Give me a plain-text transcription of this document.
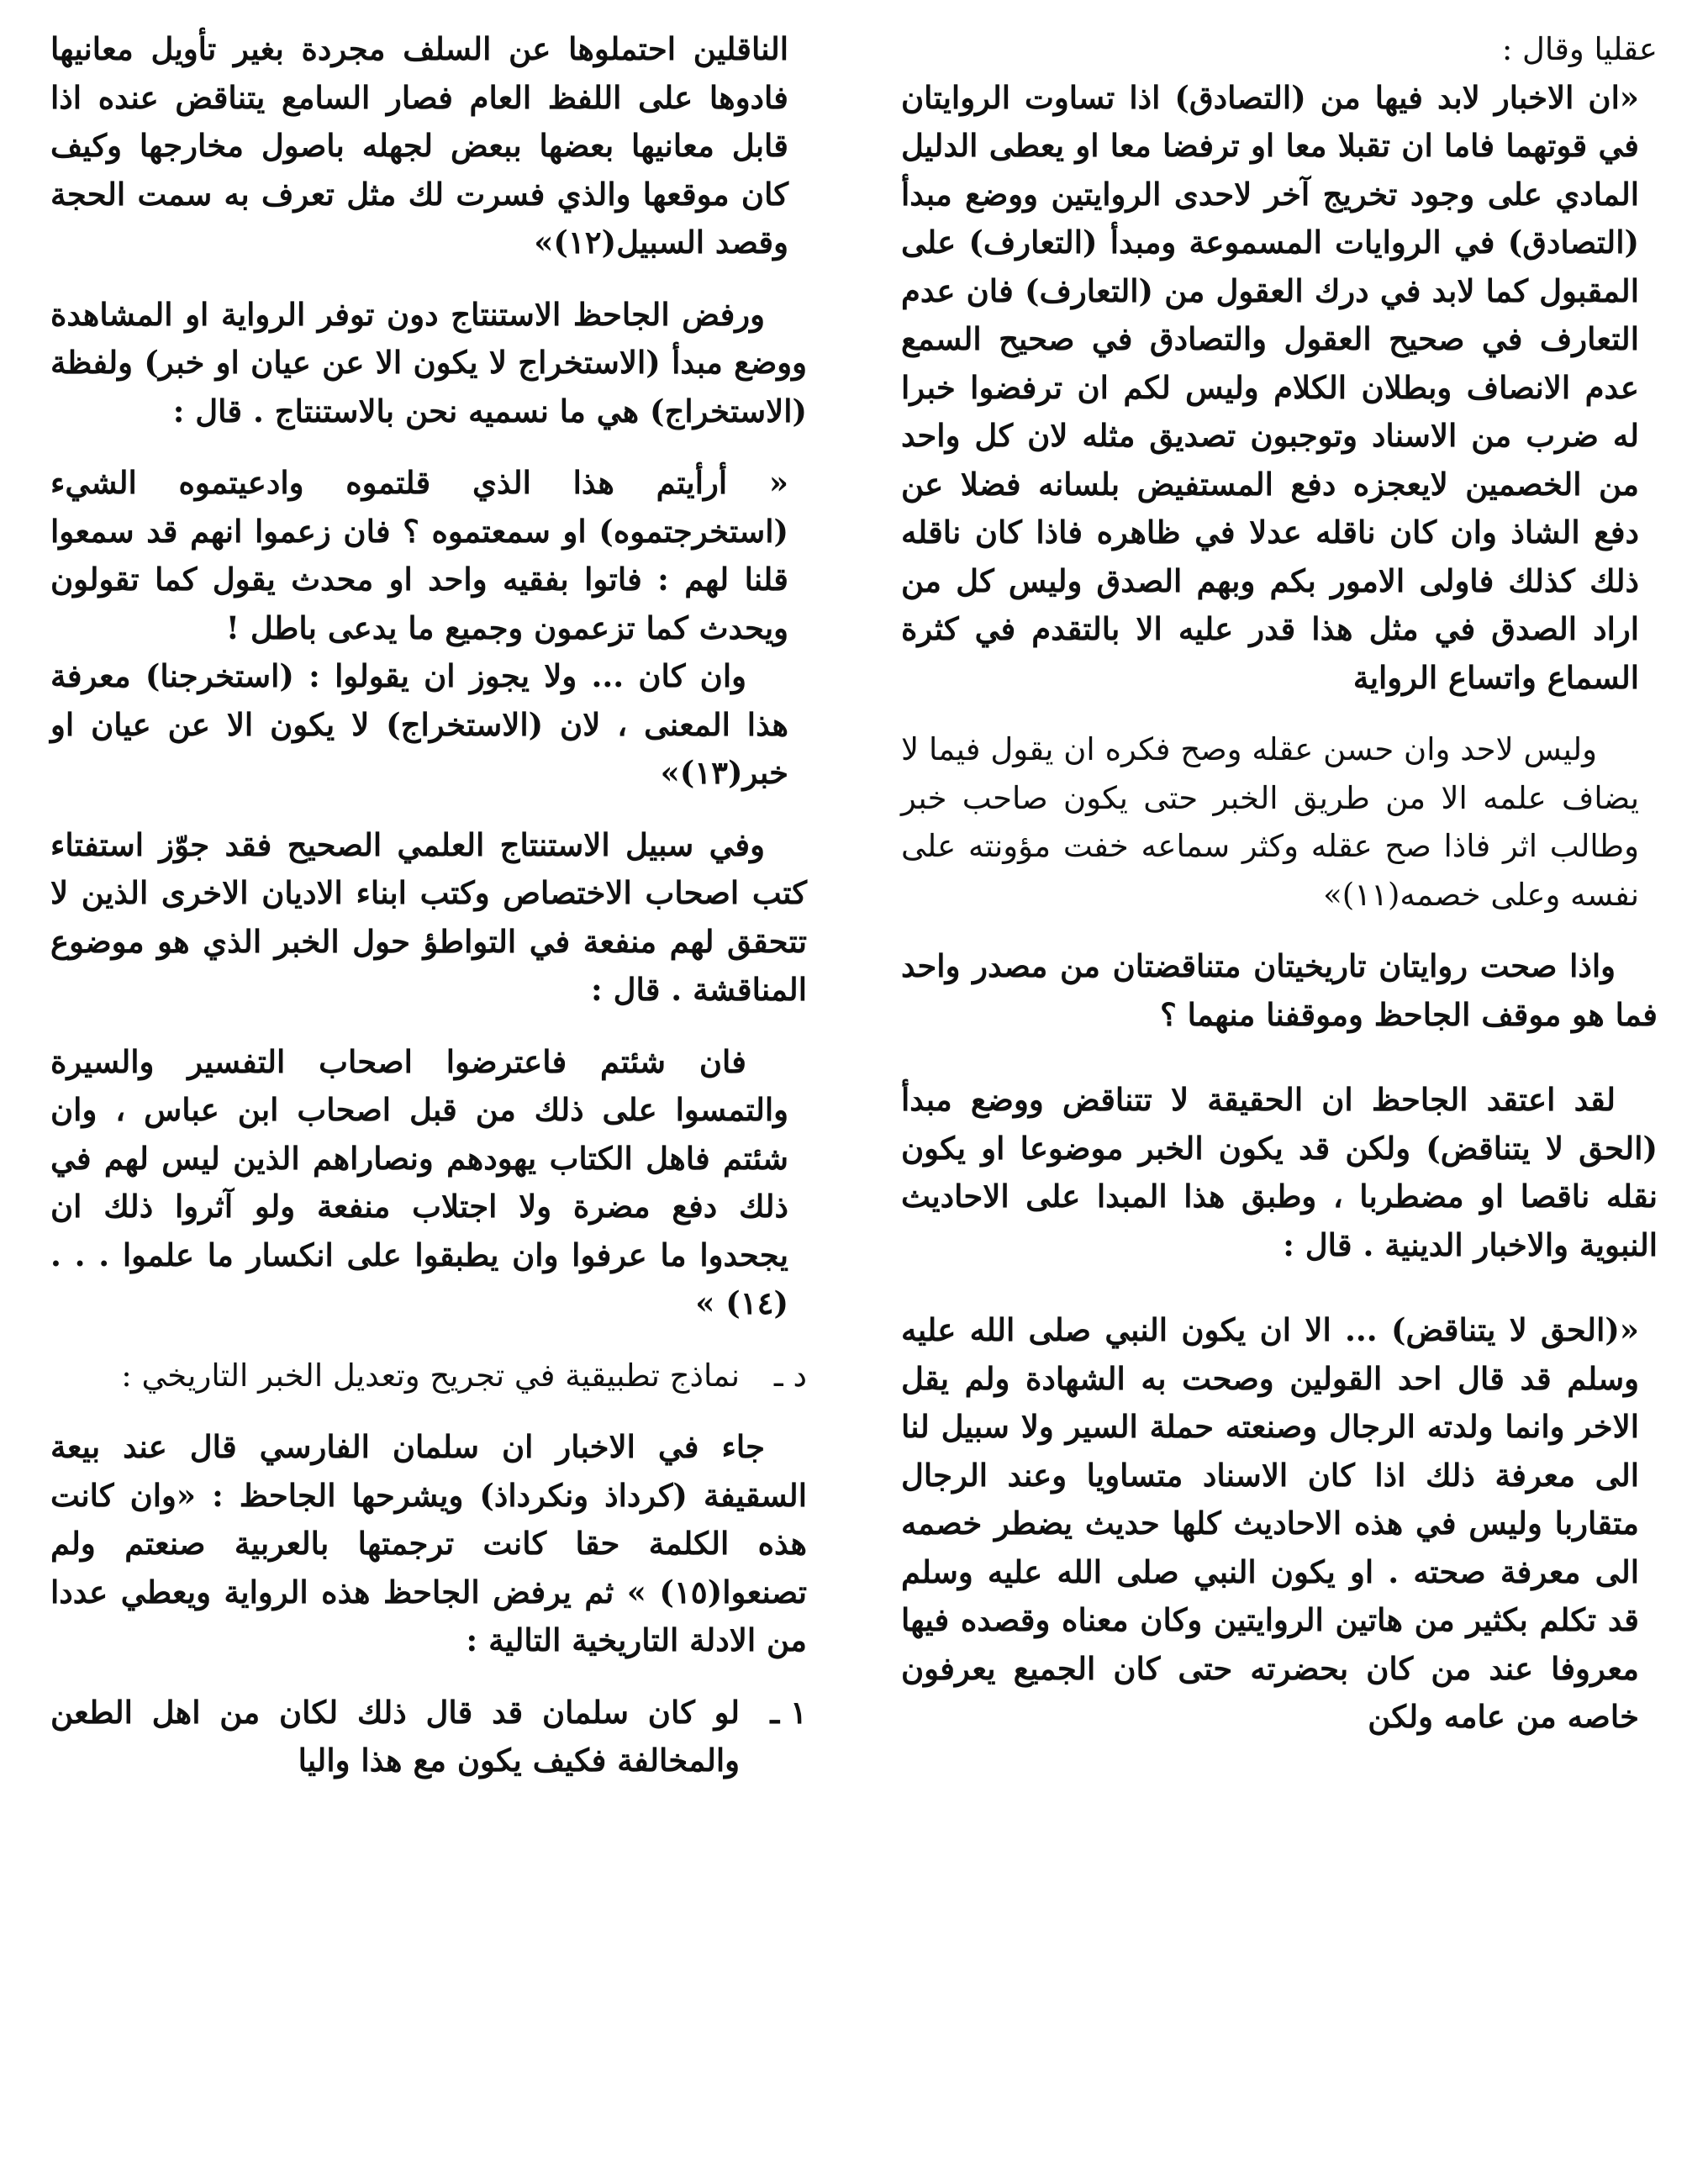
عقليا وقال :

«ان الاخبار لابد فيها من (التصادق) اذا تساوت الروايتان في قوتهما فاما ان تقبلا معا او ترفضا معا او يعطى الدليل المادي على وجود تخريج آخر لاحدى الروايتين ووضع مبدأ (التصادق) في الروايات المسموعة ومبدأ (التعارف) على المقبول كما لابد في درك العقول من (التعارف) فان عدم التعارف في صحيح العقول والتصادق في صحيح السمع عدم الانصاف وبطلان الكلام وليس لكم ان ترفضوا خبرا له ضرب من الاسناد وتوجبون تصديق مثله لان كل واحد من الخصمين لايعجزه دفع المستفيض بلسانه فضلا عن دفع الشاذ وان كان ناقله عدلا في ظاهره فاذا كان ناقله ذلك كذلك فاولى الامور بكم وبهم الصدق وليس كل من اراد الصدق في مثل هذا قدر عليه الا بالتقدم في كثرة السماع واتساع الرواية

وليس لاحد وان حسن عقله وصح فكره ان يقول فيما لا يضاف علمه الا من طريق الخبر حتى يكون صاحب خبر وطالب اثر فاذا صح عقله وكثر سماعه خفت مؤونته على نفسه وعلى خصمه(١١)»

واذا صحت روايتان تاريخيتان متناقضتان من مصدر واحد فما هو موقف الجاحظ وموقفنا منهما ؟

لقد اعتقد الجاحظ ان الحقيقة لا تتناقض ووضع مبدأ (الحق لا يتناقض) ولكن قد يكون الخبر موضوعا او يكون نقله ناقصا او مضطربا ، وطبق هذا المبدا على الاحاديث النبوية والاخبار الدينية . قال :

«(الحق لا يتناقض) ... الا ان يكون النبي صلى الله عليه وسلم قد قال احد القولين وصحت به الشهادة ولم يقل الاخر وانما ولدته الرجال وصنعته حملة السير ولا سبيل لنا الى معرفة ذلك اذا كان الاسناد متساويا وعند الرجال متقاربا وليس في هذه الاحاديث كلها حديث يضطر خصمه الى معرفة صحته . او يكون النبي صلى الله عليه وسلم قد تكلم بكثير من هاتين الروايتين وكان معناه وقصده فيها معروفا عند من كان بحضرته حتى كان الجميع يعرفون خاصه من عامه ولكن

الناقلين احتملوها عن السلف مجردة بغير تأويل معانيها فادوها على اللفظ العام فصار السامع يتناقض عنده اذا قابل معانيها بعضها ببعض لجهله باصول مخارجها وكيف كان موقعها والذي فسرت لك مثل تعرف به سمت الحجة وقصد السبيل(١٢)»

ورفض الجاحظ الاستنتاج دون توفر الرواية او المشاهدة ووضع مبدأ (الاستخراج لا يكون الا عن عيان او خبر) ولفظة (الاستخراج) هي ما نسميه نحن بالاستنتاج . قال :

« أرأيتم هذا الذي قلتموه وادعيتموه الشيء (استخرجتموه) او سمعتموه ؟ فان زعموا انهم قد سمعوا قلنا لهم : فاتوا بفقيه واحد او محدث يقول كما تقولون ويحدث كما تزعمون وجميع ما يدعى باطل !

وان كان ... ولا يجوز ان يقولوا : (استخرجنا) معرفة هذا المعنى ، لان (الاستخراج) لا يكون الا عن عيان او خبر(١٣)»

وفي سبيل الاستنتاج العلمي الصحيح فقد جوّز استفتاء كتب اصحاب الاختصاص وكتب ابناء الاديان الاخرى الذين لا تتحقق لهم منفعة في التواطؤ حول الخبر الذي هو موضوع المناقشة . قال :

فان شئتم فاعترضوا اصحاب التفسير والسيرة والتمسوا على ذلك من قبل اصحاب ابن عباس ، وان شئتم فاهل الكتاب يهودهم ونصاراهم الذين ليس لهم في ذلك دفع مضرة ولا اجتلاب منفعة ولو آثروا ذلك ان يجحدوا ما عرفوا وان يطبقوا على انكسار ما علموا . . . (١٤) »

د ـ
نماذج تطبيقية في تجريح وتعديل الخبر التاريخي :

جاء في الاخبار ان سلمان الفارسي قال عند بيعة السقيفة (كرداذ ونكرداذ) ويشرحها الجاحظ : «وان كانت هذه الكلمة حقا كانت ترجمتها بالعربية صنعتم ولم تصنعوا(١٥) » ثم يرفض الجاحظ هذه الرواية ويعطي عددا من الادلة التاريخية التالية :

١ ـ
لو كان سلمان قد قال ذلك لكان من اهل الطعن والمخالفة فكيف يكون مع هذا واليا
